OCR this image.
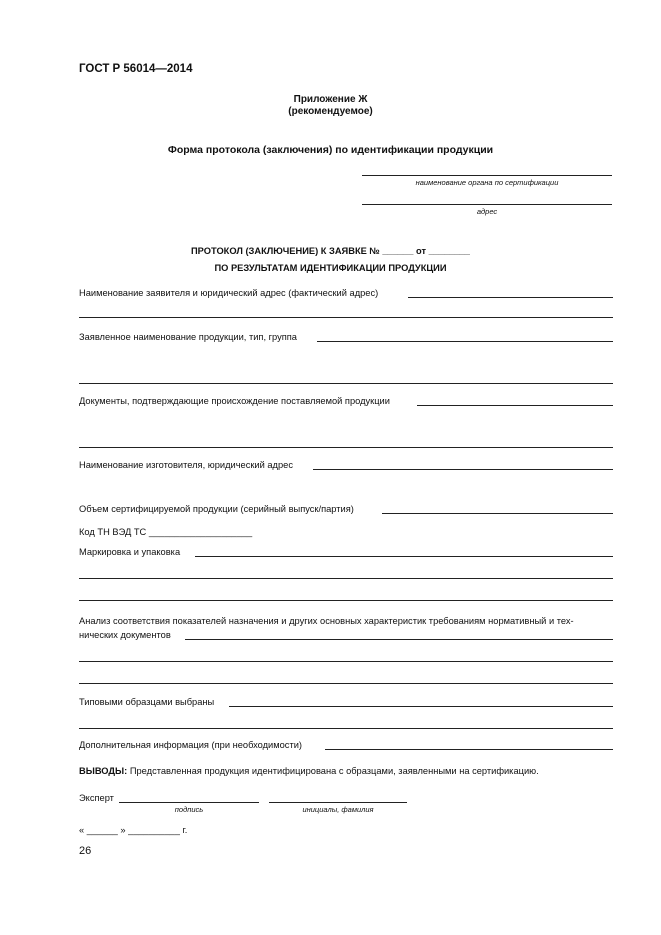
ГОСТ Р 56014—2014
Приложение Ж
(рекомендуемое)
Форма протокола (заключения) по идентификации продукции
наименование органа по сертификации
адрес
ПРОТОКОЛ (ЗАКЛЮЧЕНИЕ) К ЗАЯВКЕ № ______ от ________
ПО РЕЗУЛЬТАТАМ ИДЕНТИФИКАЦИИ ПРОДУКЦИИ
Наименование заявителя и юридический адрес (фактический адрес)
Заявленное наименование продукции, тип, группа
Документы, подтверждающие происхождение поставляемой продукции
Наименование изготовителя, юридический адрес
Объем сертифицируемой продукции (серийный выпуск/партия)
Код ТН ВЭД ТС ____________________
Маркировка и упаковка
Анализ соответствия показателей назначения и других основных характеристик требованиям нормативный и тех-
нических документов
Типовыми образцами выбраны
Дополнительная информация (при необходимости)
ВЫВОДЫ: Представленная продукция идентифицирована с образцами, заявленными на сертификацию.
Эксперт
подпись	инициалы, фамилия
« ______ » __________ г.
26
